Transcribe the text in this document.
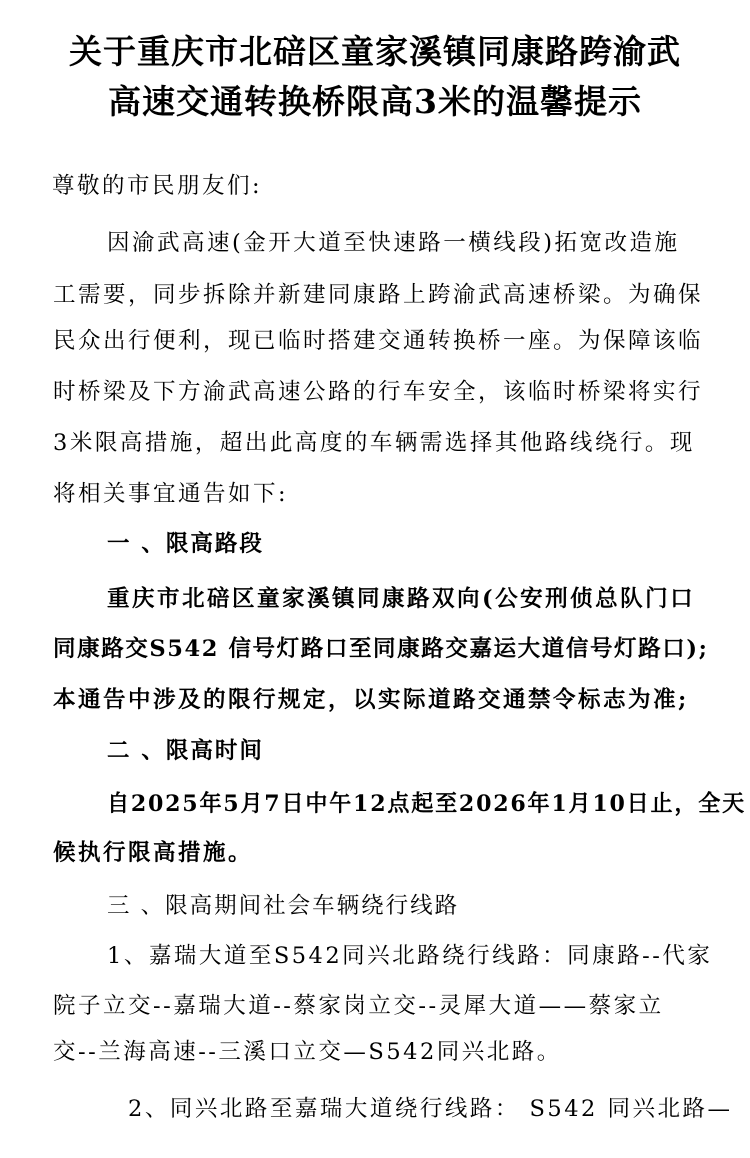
关于重庆市北碚区童家溪镇同康路跨渝武
高速交通转换桥限高3米的温馨提示
尊敬的市民朋友们:
因渝武高速(金开大道至快速路一横线段)拓宽改造施
工需要，同步拆除并新建同康路上跨渝武高速桥梁。为确保
民众出行便利，现已临时搭建交通转换桥一座。为保障该临
时桥梁及下方渝武高速公路的行车安全，该临时桥梁将实行
3米限高措施，超出此高度的车辆需选择其他路线绕行。现
将相关事宜通告如下:
一 、限高路段
重庆市北碚区童家溪镇同康路双向(公安刑侦总队门口
同康路交S542 信号灯路口至同康路交嘉运大道信号灯路口);
本通告中涉及的限行规定，以实际道路交通禁令标志为准;
二 、限高时间
自2025年5月7日中午12点起至2026年1月10日止，全天
候执行限高措施。
三 、限高期间社会车辆绕行线路
1、嘉瑞大道至S542同兴北路绕行线路：同康路--代家
院子立交--嘉瑞大道--蔡家岗立交--灵犀大道——蔡家立
交--兰海高速--三溪口立交—S542同兴北路。
2、同兴北路至嘉瑞大道绕行线路： S542 同兴北路—
